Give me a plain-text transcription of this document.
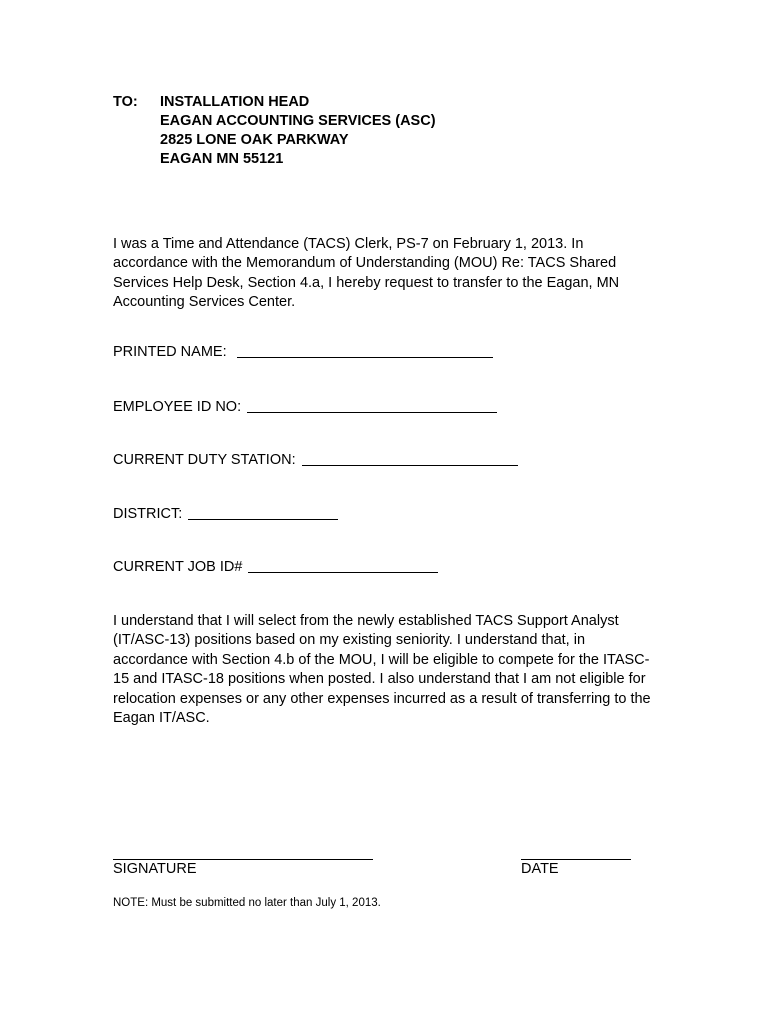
TO: INSTALLATION HEAD
EAGAN ACCOUNTING SERVICES (ASC)
2825 LONE OAK PARKWAY
EAGAN MN 55121

I was a Time and Attendance (TACS) Clerk, PS-7 on February 1, 2013. In accordance with the Memorandum of Understanding (MOU) Re: TACS Shared Services Help Desk, Section 4.a, I hereby request to transfer to the Eagan, MN Accounting Services Center.

PRINTED NAME:
EMPLOYEE ID NO:
CURRENT DUTY STATION:
DISTRICT:
CURRENT JOB ID#

I understand that I will select from the newly established TACS Support Analyst (IT/ASC-13) positions based on my existing seniority. I understand that, in accordance with Section 4.b of the MOU, I will be eligible to compete for the ITASC-15 and ITASC-18 positions when posted. I also understand that I am not eligible for relocation expenses or any other expenses incurred as a result of transferring to the Eagan IT/ASC.

SIGNATURE	DATE
NOTE: Must be submitted no later than July 1, 2013.
